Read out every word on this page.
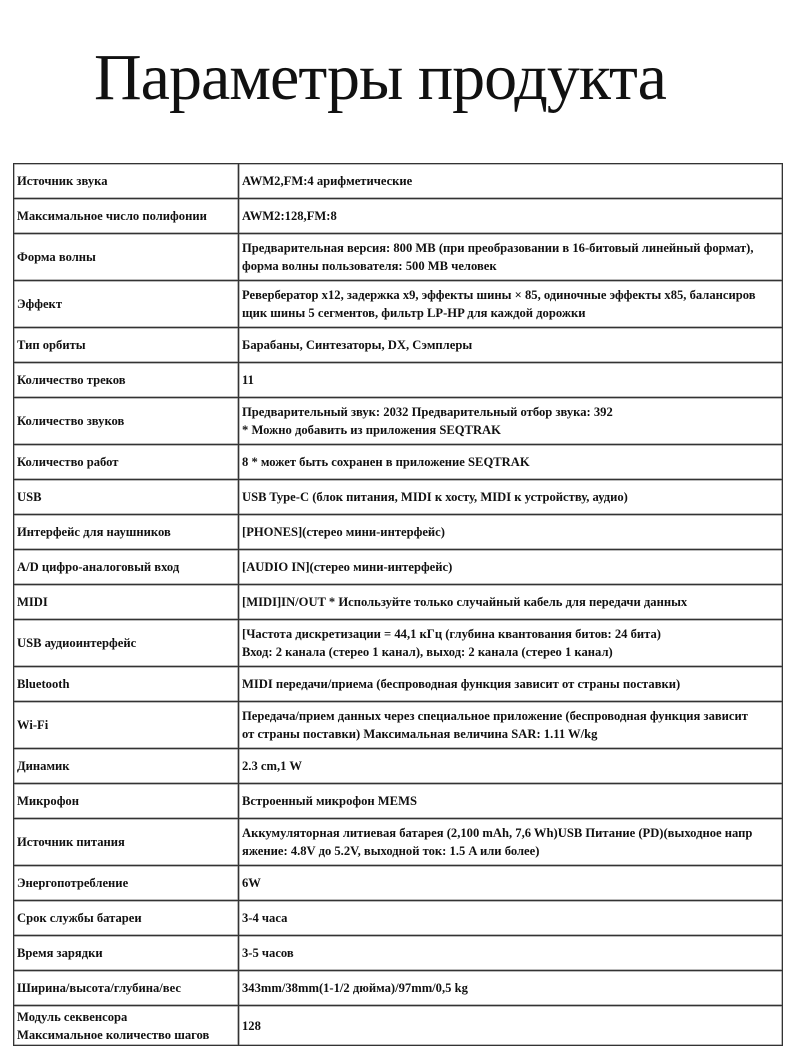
Параметры продукта
Источник звука	AWM2,FM:4 арифметические

Максимальное число полифонии	AWM2:128,FM:8

Форма волны	Предварительная версия: 800 MB (при преобразовании в 16-битовый линейный формат),
форма волны пользователя: 500 MB человек

Эффект	Ревербератор x12, задержка x9, эффекты шины × 85, одиночные эффекты x85, балансиров
щик шины 5 сегментов, фильтр LP-HP для каждой дорожки

Тип орбиты	Барабаны, Синтезаторы, DX, Сэмплеры

Количество треков	11

Количество звуков	Предварительный звук: 2032 Предварительный отбор звука: 392
* Можно добавить из приложения SEQTRAK

Количество работ	8 * может быть сохранен в приложение SEQTRAK

USB	USB Type-C (блок питания, MIDI к хосту, MIDI к устройству, аудио)

Интерфейс для наушников	[PHONES](стерео мини-интерфейс)

A/D цифро-аналоговый вход	[AUDIO IN](стерео мини-интерфейс)

MIDI	[MIDI]IN/OUT * Используйте только случайный кабель для передачи данных

USB аудиоинтерфейс	[Частота дискретизации = 44,1 кГц (глубина квантования битов: 24 бита)
Вход: 2 канала (стерео 1 канал), выход: 2 канала (стерео 1 канал)

Bluetooth	MIDI передачи/приема (беспроводная функция зависит от страны поставки)

Wi-Fi	Передача/прием данных через специальное приложение (беспроводная функция зависит
от страны поставки) Максимальная величина SAR: 1.11 W/kg

Динамик	2.3 cm,1 W

Микрофон	Встроенный микрофон MEMS

Источник питания	Аккумуляторная литиевая батарея (2,100 mAh, 7,6 Wh)USB Питание (PD)(выходное напр
яжение: 4.8V до 5.2V, выходной ток: 1.5 A или более)

Энергопотребление	6W

Срок службы батареи	3-4 часа

Время зарядки	3-5 часов

Ширина/высота/глубина/вес	343mm/38mm(1-1/2 дюйма)/97mm/0,5 kg

Модуль секвенсора
Максимальное количество шагов	128
